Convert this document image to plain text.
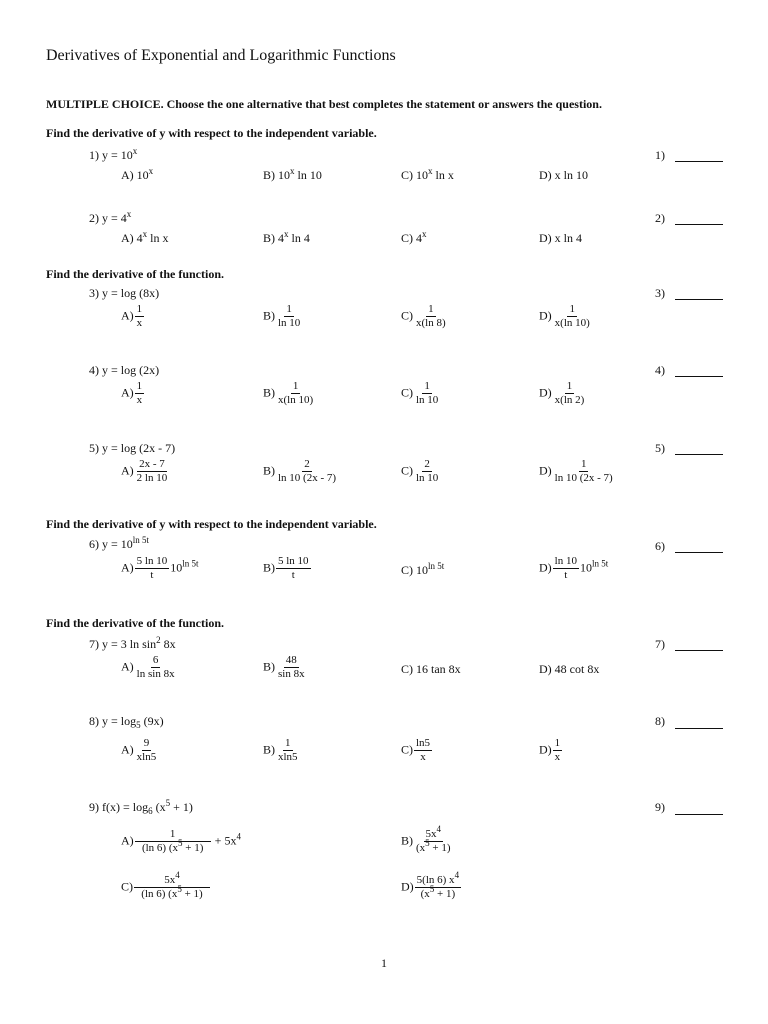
Derivatives of Exponential and Logarithmic Functions
MULTIPLE CHOICE. Choose the one alternative that best completes the statement or answers the question.
Find the derivative of y with respect to the independent variable.
1) $y = 10^x$	1)
A) 10$^x$	B) 10$^x$ ln 10	C) 10$^x$ ln x	D) x ln 10
2) $y = 4^x$	2)
A) 4$^x$ ln x	B) 4$^x$ ln 4	C) 4$^x$	D) x ln 4
Find the derivative of the function.
3) y = log (8x)	3)
$A) \frac{1}{x}$	$B) \frac{1}{\ln 10}$	$C) \frac{1}{x(\ln 8)}$	$D) \frac{1}{x(\ln 10)}$
4) y = log (2x)	4)
$A) \frac{1}{x}$	$B) \frac{1}{x(\ln 10)}$	$C) \frac{1}{\ln 10}$	$D) \frac{1}{x(\ln 2)}$
5) y = log (2x - 7)	5)
$A) \frac{2x - 7}{2 \ln 10}$	$B) \frac{2}{\ln 10 (2x - 7)}$	$C) \frac{2}{\ln 10}$	$D) \frac{1}{\ln 10 (2x - 7)}$
Find the derivative of y with respect to the independent variable.
6) $y = 10^{ln 5t}$	6)
$A) \frac{5 \ln 10}{t} 10^{ln 5t}$	$B) \frac{5 \ln 10}{t}$	C) $10^{ln 5t}$	$D) \frac{\ln 10}{t} 10^{ln 5t}$
Find the derivative of the function.
7) y = 3 $\ln \sin^2 8x$	7)
$A) \frac{6}{\text{ln sin 8x}}$	$B) \frac{48}{\sin 8x}$	C) 16 tan 8x	D) 48 cot 8x
8) $y = \log_5 (9x)$	8)
$A) \frac{9}{xln5}$	$B) \frac{1}{xln5}$	$C) \frac{\ln 5}{x}$	$D) \frac{1}{x}$
9) $f(x) = \log_6 (x^5 + 1)$	9)
$A) \frac{1}{(\ln 6) (x^5 + 1)} + 5x^4$	$B) \frac{5x^4}{(x^5 + 1)}$
$C) \frac{5x^4}{(\ln 6) (x^5 + 1)}$	$D) \frac{5(\ln 6) x^4}{(x^5 + 1)}$
1
